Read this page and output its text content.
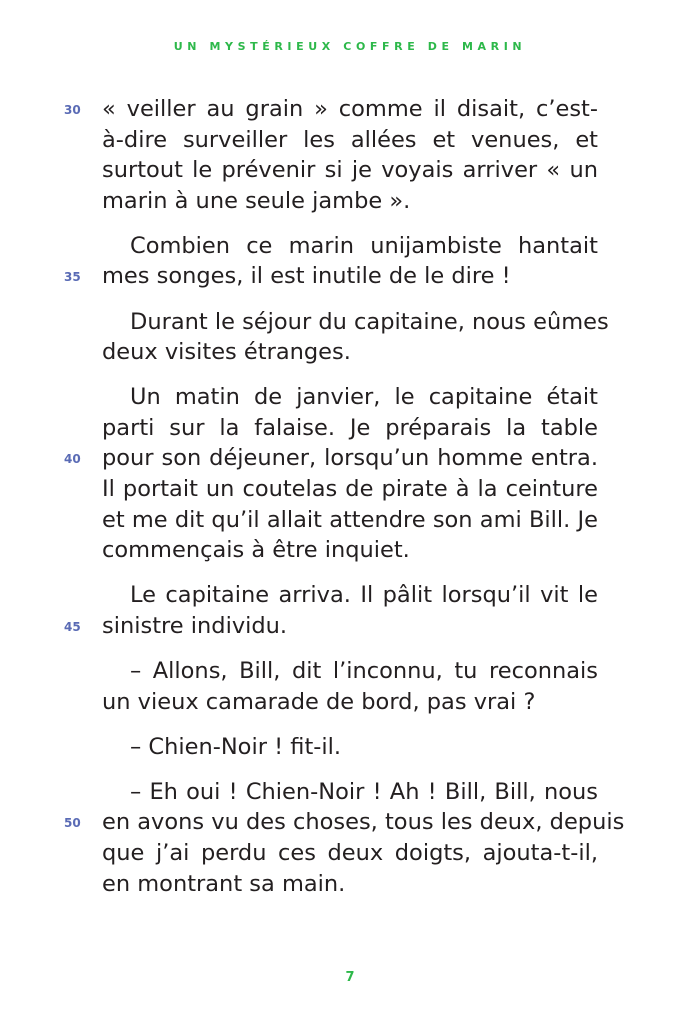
UN MYSTÉRIEUX COFFRE DE MARIN
« veiller au grain » comme il disait, c’est-
30
à-dire surveiller les allées et venues, et
surtout le prévenir si je voyais arriver « un
marin à une seule jambe ».
Combien ce marin unijambiste hantait
mes songes, il est inutile de le dire !
35
Durant le séjour du capitaine, nous eûmes
deux visites étranges.
Un matin de janvier, le capitaine était
parti sur la falaise. Je préparais la table
pour son déjeuner, lorsqu’un homme entra.
40
Il portait un coutelas de pirate à la ceinture
et me dit qu’il allait attendre son ami Bill. Je
commençais à être inquiet.
Le capitaine arriva. Il pâlit lorsqu’il vit le
sinistre individu.
45
– Allons, Bill, dit l’inconnu, tu reconnais
un vieux camarade de bord, pas vrai ?
– Chien-Noir ! fit-il.
– Eh oui ! Chien-Noir ! Ah ! Bill, Bill, nous
en avons vu des choses, tous les deux, depuis
50
que j’ai perdu ces deux doigts, ajouta-t-il,
en montrant sa main.
7
